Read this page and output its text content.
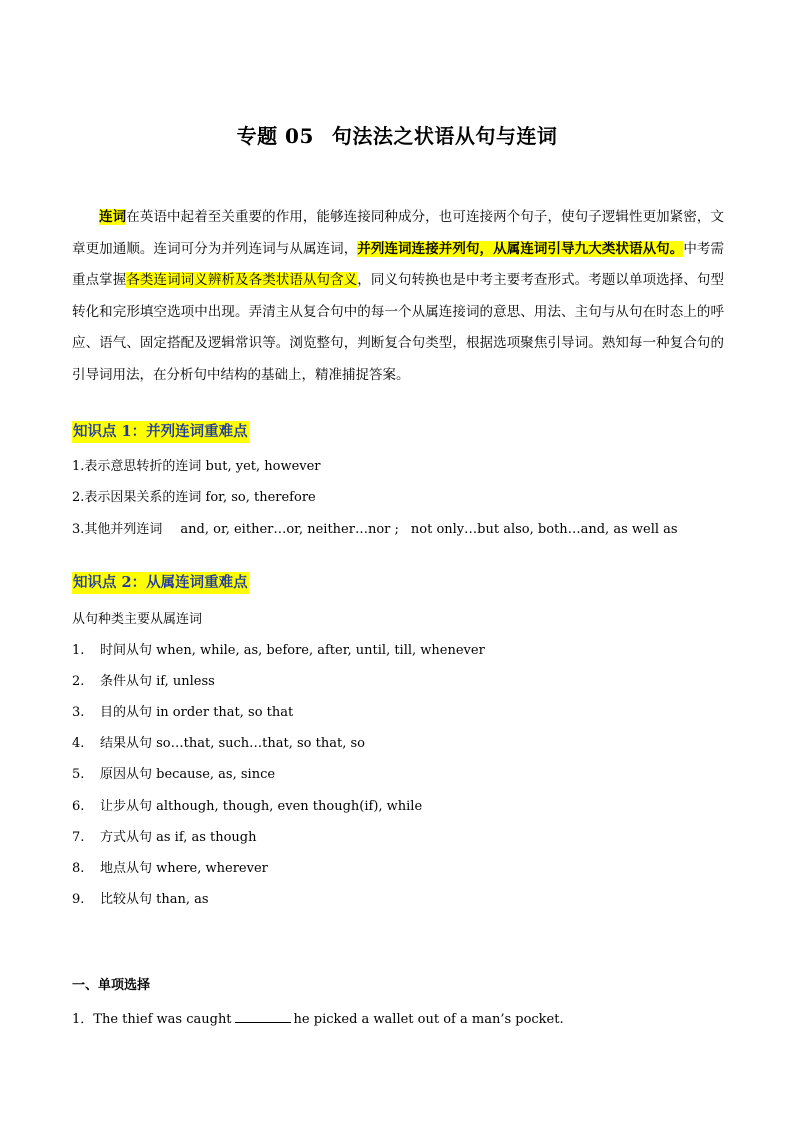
专题 05 句法法之状语从句与连词
连词在英语中起着至关重要的作用，能够连接同种成分，也可连接两个句子，使句子逻辑性更加紧密，文章更加通顺。连词可分为并列连词与从属连词，并列连词连接并列句，从属连词引导九大类状语从句。中考需重点掌握各类连词词义辨析及各类状语从句含义，同义句转换也是中考主要考查形式。考题以单项选择、句型转化和完形填空选项中出现。弄清主从复合句中的每一个从属连接词的意思、用法、主句与从句在时态上的呼应、语气、固定搭配及逻辑常识等。浏览整句，判断复合句类型，根据选项聚焦引导词。熟知每一种复合句的引导词用法，在分析句中结构的基础上，精准捕捉答案。
知识点 1：并列连词重难点
1.表示意思转折的连词 but, yet, however
2.表示因果关系的连词 for, so, therefore
3.其他并列连词 and, or, either…or, neither…nor ; not only…but also, both…and, as well as
知识点 2：从属连词重难点
从句种类主要从属连词
1. 时间从句 when, while, as, before, after, until, till, whenever
2. 条件从句 if, unless
3. 目的从句 in order that, so that
4. 结果从句 so…that, such…that, so that, so
5. 原因从句 because, as, since
6. 让步从句 although, though, even though(if), while
7. 方式从句 as if, as though
8. 地点从句 where, wherever
9. 比较从句 than, as
一、单项选择
1．The thief was caught	he picked a wallet out of a man’s pocket.
